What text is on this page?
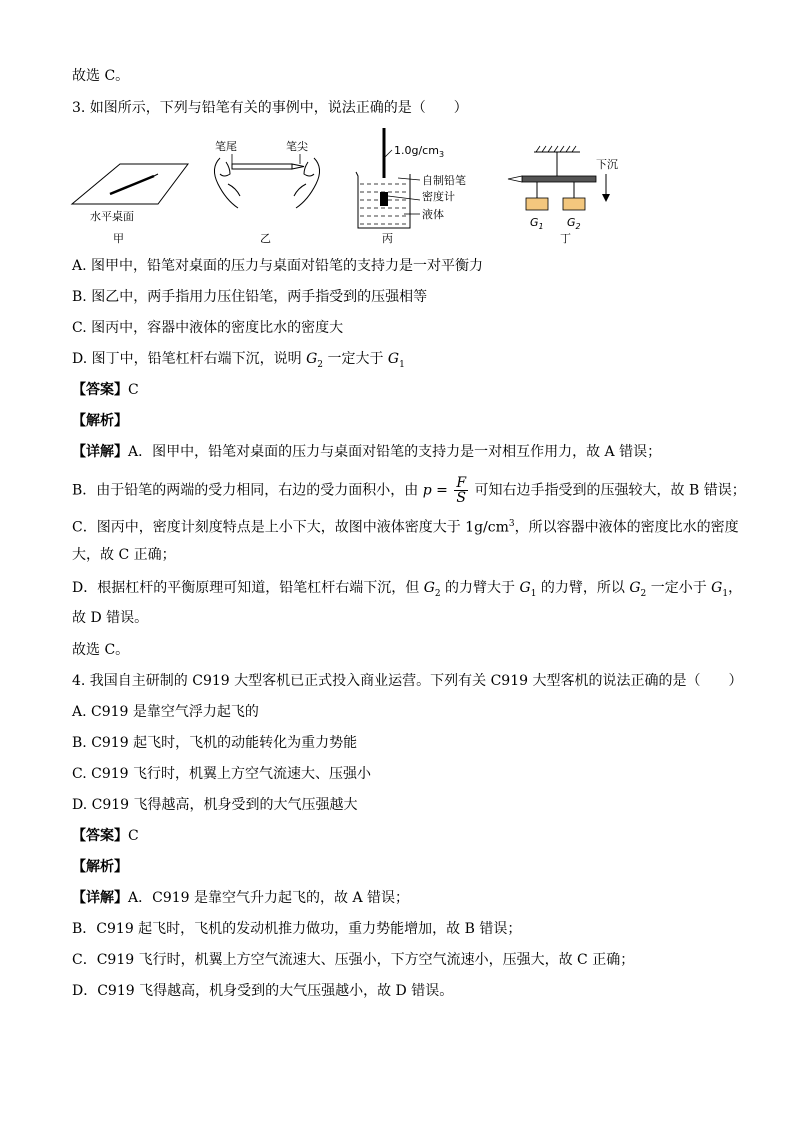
故选 C。
3. 如图所示，下列与铅笔有关的事例中，说法正确的是（　　）
水平桌面
甲
笔尾	笔尖
乙
$1.0g/cm_3$
自制铅笔
密度计
液体
丙
$G_1$ $G_2$
下沉
丁
A. 图甲中，铅笔对桌面的压力与桌面对铅笔的支持力是一对平衡力
B. 图乙中，两手指用力压住铅笔，两手指受到的压强相等
C. 图丙中，容器中液体的密度比水的密度大
D. 图丁中，铅笔杠杆右端下沉，说明 $G_2$ 一定大于 $G_1$
【答案】C
【解析】
【详解】A．图甲中，铅笔对桌面的压力与桌面对铅笔的支持力是一对相互作用力，故 A 错误；
B．由于铅笔的两端的受力相同，右边的受力面积小，由 $p = \frac{F}{S}$ 可知右边手指受到的压强较大，故 B 错误；
C．图丙中，密度计刻度特点是上小下大，故图中液体密度大于 $1g/cm^3$，所以容器中液体的密度比水的密度
大，故 C 正确；
D．根据杠杆的平衡原理可知道，铅笔杠杆右端下沉，但 $G_2$ 的力臂大于 $G_1$ 的力臂，所以 $G_2$ 一定小于 $G_1$，
故 D 错误。
故选 C。
4. 我国自主研制的 C919 大型客机已正式投入商业运营。下列有关 C919 大型客机的说法正确的是（　　）
A. C919 是靠空气浮力起飞的
B. C919 起飞时，飞机的动能转化为重力势能
C. C919 飞行时，机翼上方空气流速大、压强小
D. C919 飞得越高，机身受到的大气压强越大
【答案】C
【解析】
【详解】A．C919 是靠空气升力起飞的，故 A 错误；
B．C919 起飞时，飞机的发动机推力做功，重力势能增加，故 B 错误；
C．C919 飞行时，机翼上方空气流速大、压强小，下方空气流速小，压强大，故 C 正确；
D．C919 飞得越高，机身受到的大气压强越小，故 D 错误。
